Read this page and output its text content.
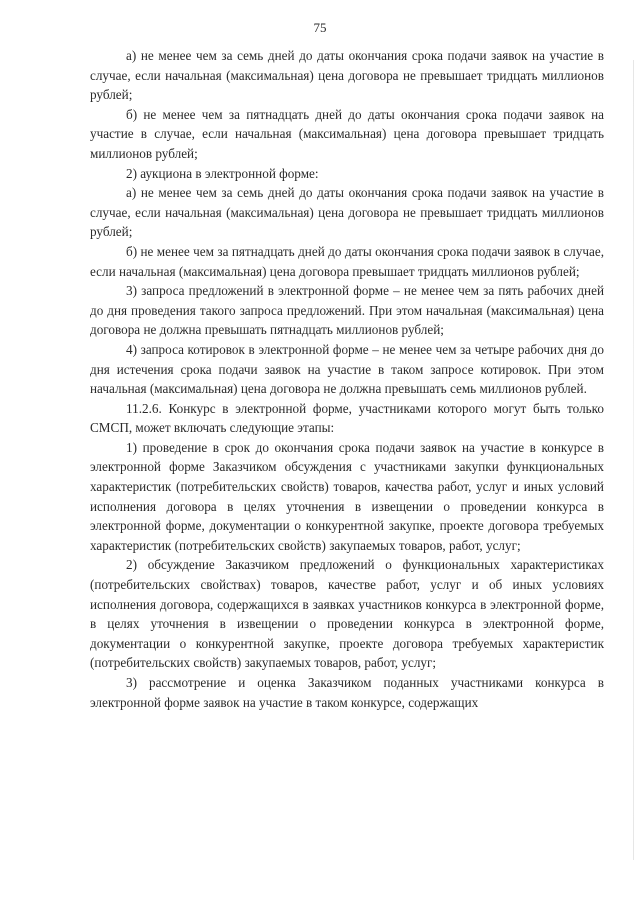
75

а) не менее чем за семь дней до даты окончания срока подачи заявок на участие в случае, если начальная (максимальная) цена договора не превышает тридцать миллионов рублей;

б) не менее чем за пятнадцать дней до даты окончания срока подачи заявок на участие в случае, если начальная (максимальная) цена договора превышает тридцать миллионов рублей;

2) аукциона в электронной форме:

а) не менее чем за семь дней до даты окончания срока подачи заявок на участие в случае, если начальная (максимальная) цена договора не превышает тридцать миллионов рублей;

б) не менее чем за пятнадцать дней до даты окончания срока подачи заявок в случае, если начальная (максимальная) цена договора превышает тридцать миллионов рублей;

3) запроса предложений в электронной форме – не менее чем за пять рабочих дней до дня проведения такого запроса предложений. При этом начальная (максимальная) цена договора не должна превышать пятнадцать миллионов рублей;

4) запроса котировок в электронной форме – не менее чем за четыре рабочих дня до дня истечения срока подачи заявок на участие в таком запросе котировок. При этом начальная (максимальная) цена договора не должна превышать семь миллионов рублей.

11.2.6. Конкурс в электронной форме, участниками которого могут быть только СМСП, может включать следующие этапы:

1) проведение в срок до окончания срока подачи заявок на участие в конкурсе в электронной форме Заказчиком обсуждения с участниками закупки функциональных характеристик (потребительских свойств) товаров, качества работ, услуг и иных условий исполнения договора в целях уточнения в извещении о проведении конкурса в электронной форме, документации о конкурентной закупке, проекте договора требуемых характеристик (потребительских свойств) закупаемых товаров, работ, услуг;

2) обсуждение Заказчиком предложений о функциональных характеристиках (потребительских свойствах) товаров, качестве работ, услуг и об иных условиях исполнения договора, содержащихся в заявках участников конкурса в электронной форме, в целях уточнения в извещении о проведении конкурса в электронной форме, документации о конкурентной закупке, проекте договора требуемых характеристик (потребительских свойств) закупаемых товаров, работ, услуг;

3) рассмотрение и оценка Заказчиком поданных участниками конкурса в электронной форме заявок на участие в таком конкурсе, содержащих
